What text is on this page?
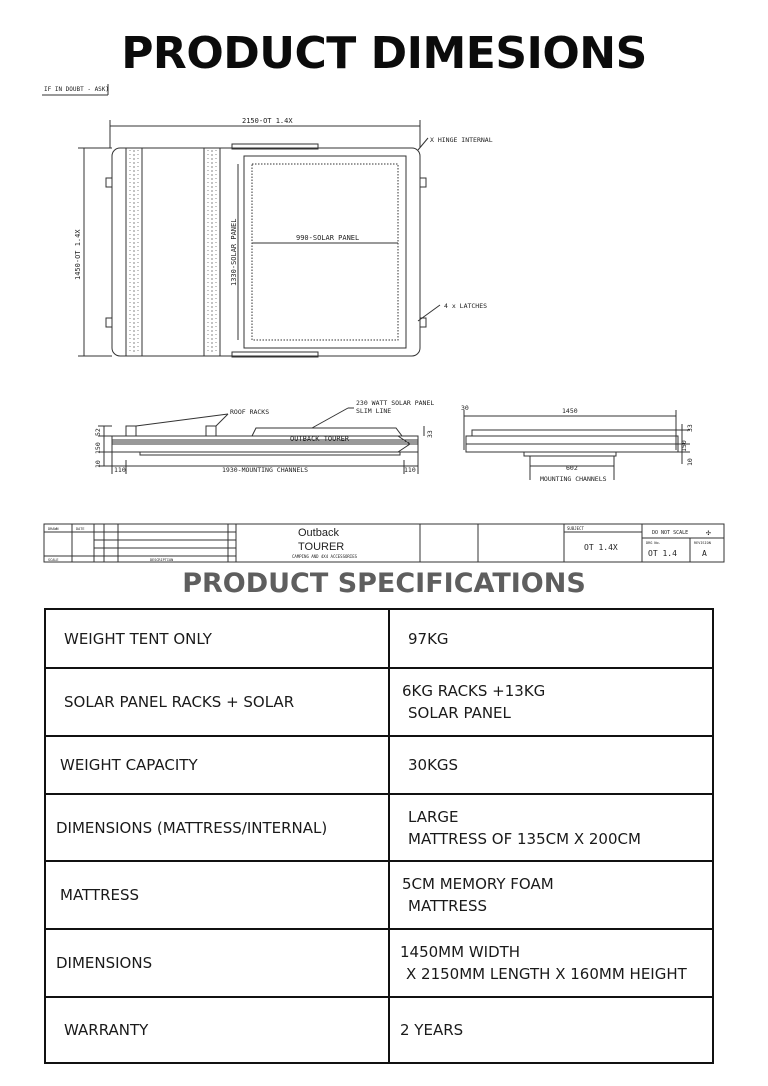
PRODUCT DIMESIONS
IF IN DOUBT - ASK)
2150-OT 1.4X
1450-OT 1.4X	990-SOLAR PANEL
1330-SOLAR PANEL
X HINGE INTERNAL
4 x LATCHES
ROOF RACKS
230 WATT SOLAR PANEL
SLIM LINE
OUTBACK TOURER
1930-MOUNTING CHANNELS
52
150
10
33
110	110
30	1450
33
150
10
602
MOUNTING CHANNELS
DRAWN	DATE
SCALE	DESCRIPTION
Outback
TOURER
CAMPING AND 4X4 ACCESSORIES
SUBJECT
OT 1.4X
DO NOT SCALE
DRG No.
OT 1.4
REVISION
A
✣
PRODUCT SPECIFICATIONS
WEIGHT TENT ONLY	97KG

SOLAR PANEL RACKS + SOLAR	6KG RACKS +13KG
SOLAR PANEL

WEIGHT CAPACITY	30KGS

DIMENSIONS (MATTRESS/INTERNAL)	LARGE
MATTRESS OF 135CM X 200CM

MATTRESS	5CM MEMORY FOAM
MATTRESS

DIMENSIONS	1450MM WIDTH
X 2150MM LENGTH X 160MM HEIGHT

WARRANTY	2 YEARS
